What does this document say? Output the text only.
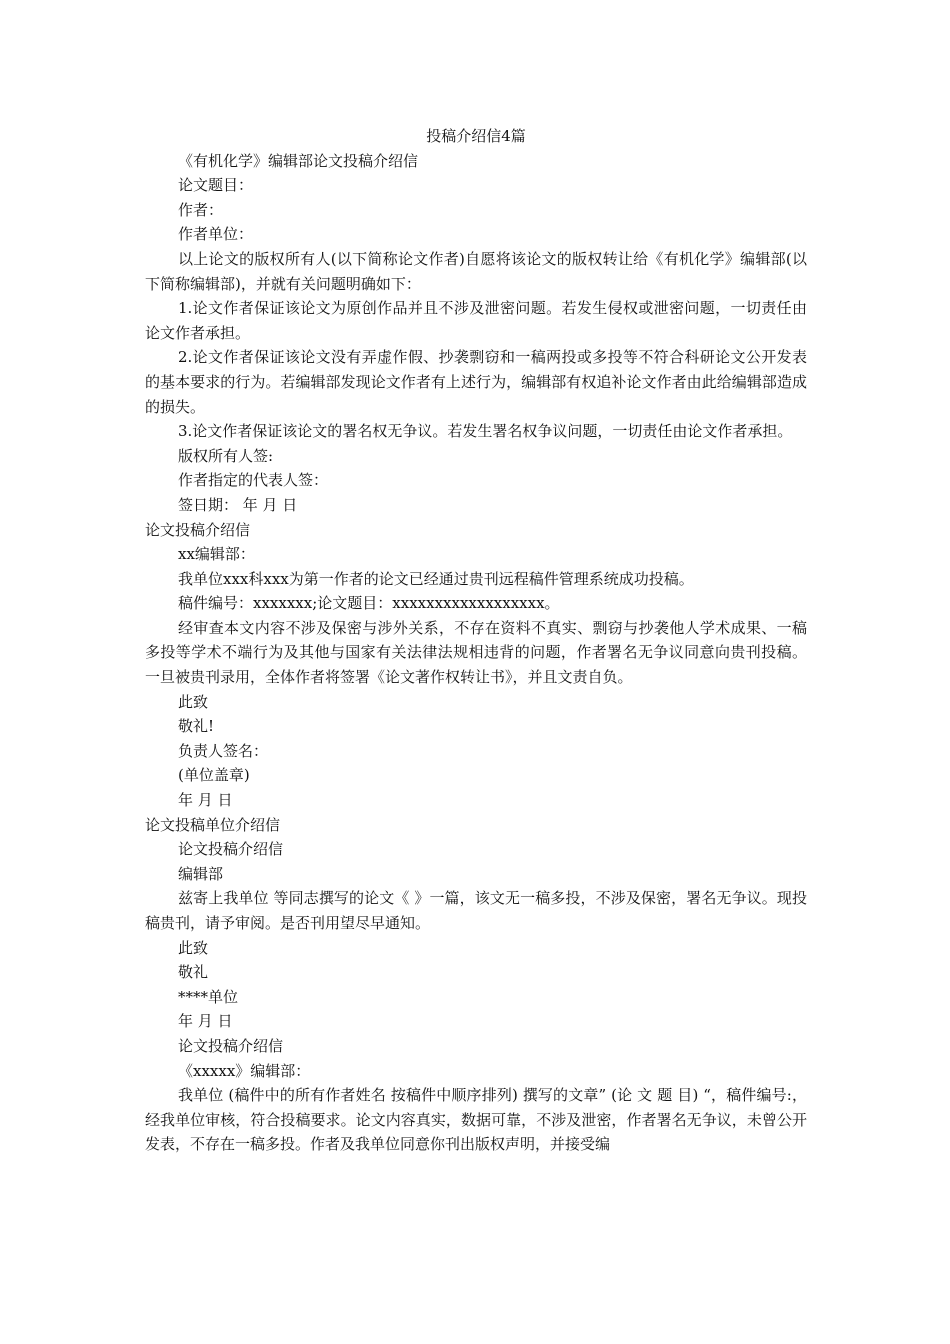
投稿介绍信4篇

《有机化学》编辑部论文投稿介绍信

论文题目：

作者：

作者单位：

以上论文的版权所有人(以下简称论文作者)自愿将该论文的版权转让给《有机化学》编辑部(以下简称编辑部)，并就有关问题明确如下：

1.论文作者保证该论文为原创作品并且不涉及泄密问题。若发生侵权或泄密问题，一切责任由论文作者承担。

2.论文作者保证该论文没有弄虚作假、抄袭剽窃和一稿两投或多投等不符合科研论文公开发表的基本要求的行为。若编辑部发现论文作者有上述行为，编辑部有权追补论文作者由此给编辑部造成的损失。

3.论文作者保证该论文的署名权无争议。若发生署名权争议问题，一切责任由论文作者承担。

版权所有人签:

作者指定的代表人签：

签日期： 年 月 日

论文投稿介绍信

xx编辑部：

我单位xxx科xxx为第一作者的论文已经通过贵刊远程稿件管理系统成功投稿。

稿件编号：xxxxxxx;论文题目：xxxxxxxxxxxxxxxxxx。

经审查本文内容不涉及保密与涉外关系，不存在资料不真实、剽窃与抄袭他人学术成果、一稿多投等学术不端行为及其他与国家有关法律法规相违背的问题，作者署名无争议同意向贵刊投稿。 一旦被贵刊录用，全体作者将签署《论文著作权转让书》，并且文责自负。

此致

敬礼!

负责人签名：

(单位盖章)

年 月 日

论文投稿单位介绍信

论文投稿介绍信

编辑部

兹寄上我单位 等同志撰写的论文《 》一篇，该文无一稿多投，不涉及保密，署名无争议。现投稿贵刊，请予审阅。是否刊用望尽早通知。

此致

敬礼

****单位

年 月 日

论文投稿介绍信

《xxxxx》编辑部：

我单位 (稿件中的所有作者姓名 按稿件中顺序排列) 撰写的文章” (论 文 题 目) “，稿件编号:，经我单位审核，符合投稿要求。论文内容真实，数据可靠，不涉及泄密，作者署名无争议，未曾公开发表，不存在一稿多投。作者及我单位同意你刊出版权声明，并接受编
